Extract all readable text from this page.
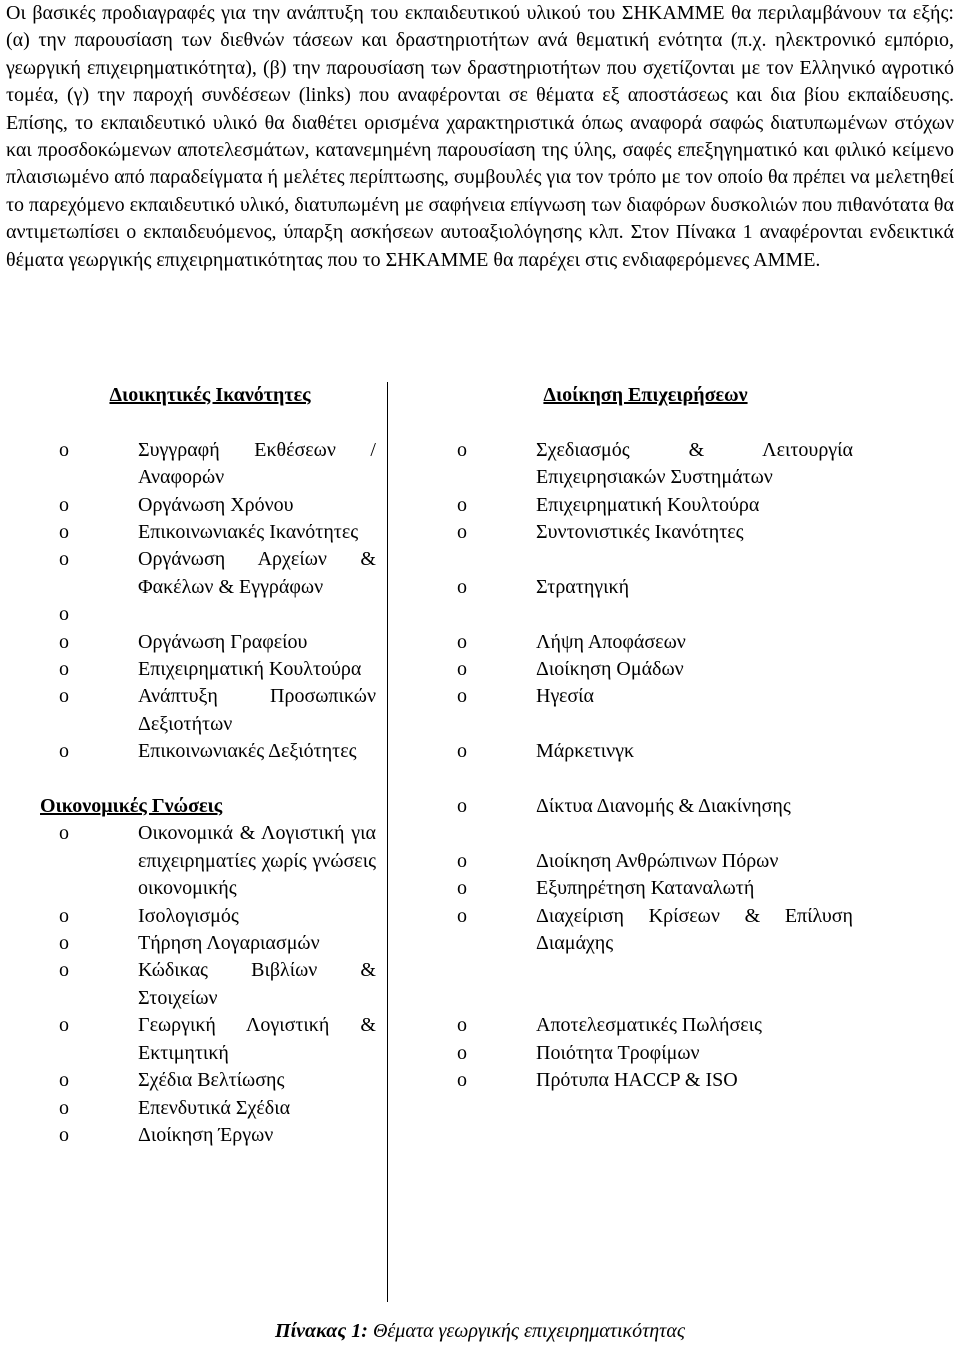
Οι βασικές προδιαγραφές για την ανάπτυξη του εκπαιδευτικού υλικού του ΣΗΚΑΜΜΕ θα περιλαμβάνουν τα εξής: (α) την παρουσίαση των διεθνών τάσεων και δραστηριοτήτων ανά θεματική ενότητα (π.χ. ηλεκτρονικό εμπόριο, γεωργική επιχειρηματικότητα), (β) την παρουσίαση των δραστηριοτήτων που σχετίζονται με τον Ελληνικό αγροτικό τομέα, (γ) την παροχή συνδέσεων (links) που αναφέρονται σε θέματα εξ αποστάσεως και δια βίου εκπαίδευσης. Επίσης, το εκπαιδευτικό υλικό θα διαθέτει ορισμένα χαρακτηριστικά όπως αναφορά σαφώς διατυπωμένων στόχων και προσδοκώμενων αποτελεσμάτων, κατανεμημένη παρουσίαση της ύλης, σαφές επεξηγηματικό και φιλικό κείμενο πλαισιωμένο από παραδείγματα ή μελέτες περίπτωσης, συμβουλές για τον τρόπο με τον οποίο θα πρέπει να μελετηθεί το παρεχόμενο εκπαιδευτικό υλικό, διατυπωμένη με σαφήνεια επίγνωση των διαφόρων δυσκολιών που πιθανότατα θα αντιμετωπίσει ο εκπαιδευόμενος, ύπαρξη ασκήσεων αυτοαξιολόγησης κλπ. Στον Πίνακα 1 αναφέρονται ενδεικτικά θέματα γεωργικής επιχειρηματικότητας που το ΣΗΚΑΜΜΕ θα παρέχει στις ενδιαφερόμενες ΑΜΜΕ.

Διοικητικές Ικανότητες
o	Συγγραφή Εκθέσεων / Αναφορών
o	Οργάνωση Χρόνου
o	Επικοινωνιακές Ικανότητες
o	Οργάνωση Αρχείων & Φακέλων & Εγγράφων
o
o	Οργάνωση Γραφείου
o	Επιχειρηματική Κουλτούρα
o	Ανάπτυξη Προσωπικών Δεξιοτήτων
o	Επικοινωνιακές Δεξιότητες
Οικονομικές Γνώσεις
o	Οικονομικά & Λογιστική για επιχειρηματίες χωρίς γνώσεις οικονομικής
o	Ισολογισμός
o	Τήρηση Λογαριασμών
o	Κώδικας Βιβλίων & Στοιχείων
o	Γεωργική Λογιστική & Εκτιμητική
o	Σχέδια Βελτίωσης
o	Επενδυτικά Σχέδια
o	Διοίκηση Έργων
Διοίκηση Επιχειρήσεων
o	Σχεδιασμός & Λειτουργία Επιχειρησιακών Συστημάτων
o	Επιχειρηματική Κουλτούρα
o	Συντονιστικές Ικανότητες
o	Στρατηγική
o	Λήψη Αποφάσεων
o	Διοίκηση Ομάδων
o	Ηγεσία
o	Μάρκετινγκ
o	Δίκτυα Διανομής & Διακίνησης
o	Διοίκηση Ανθρώπινων Πόρων
o	Εξυπηρέτηση Καταναλωτή
o	Διαχείριση Κρίσεων & Επίλυση Διαμάχης
o	Αποτελεσματικές Πωλήσεις
o	Ποιότητα Τροφίμων
o	Πρότυπα HACCP & ISO
Πίνακας 1: Θέματα γεωργικής επιχειρηματικότητας
